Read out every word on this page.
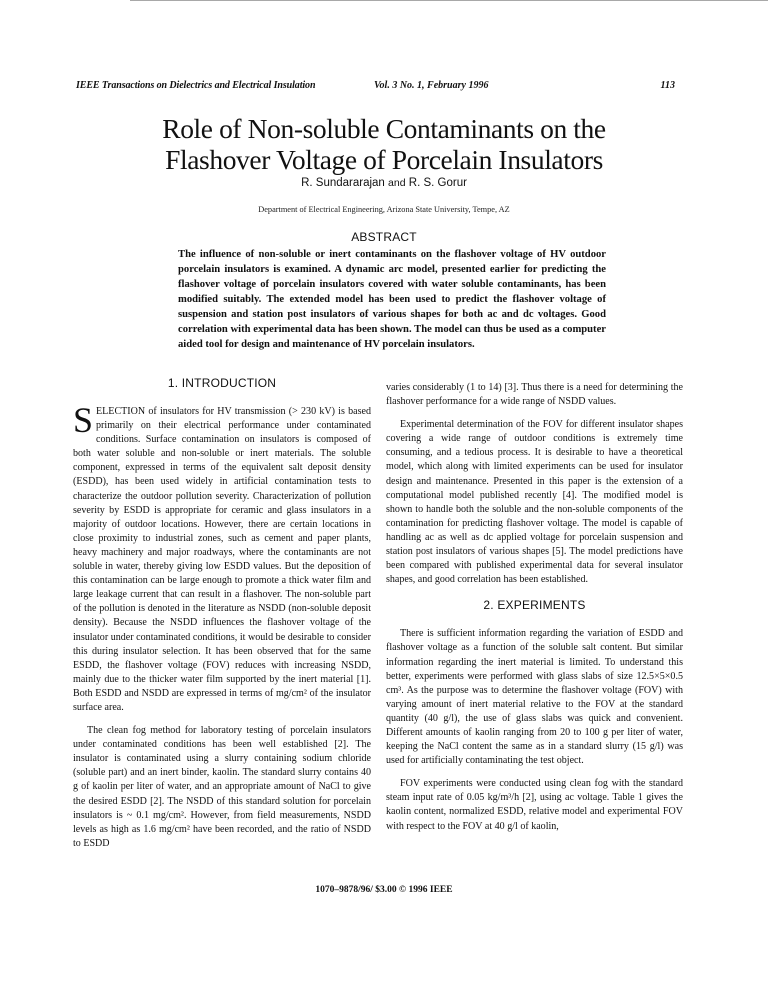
IEEE Transactions on Dielectrics and Electrical Insulation	Vol. 3 No. 1, February 1996	113
Role of Non-soluble Contaminants on the
Flashover Voltage of Porcelain Insulators
R. Sundararajan and R. S. Gorur
Department of Electrical Engineering, Arizona State University, Tempe, AZ
ABSTRACT
The influence of non-soluble or inert contaminants on the flashover voltage of HV outdoor porcelain insulators is examined. A dynamic arc model, presented earlier for predicting the flashover voltage of porcelain insulators covered with water soluble contaminants, has been modified suitably. The extended model has been used to predict the flashover voltage of suspension and station post insulators of various shapes for both ac and dc voltages. Good correlation with experimental data has been shown. The model can thus be used as a computer aided tool for design and maintenance of HV porcelain insulators.
1. INTRODUCTION

SELECTION of insulators for HV transmission (> 230 kV) is based primarily on their electrical performance under contaminated conditions. Surface contamination on insulators is composed of both water soluble and non-soluble or inert materials. The soluble component, expressed in terms of the equivalent salt deposit density (ESDD), has been used widely in artificial contamination tests to characterize the outdoor pollution severity. Characterization of pollution severity by ESDD is appropriate for ceramic and glass insulators in a majority of outdoor locations. However, there are certain locations in close proximity to industrial zones, such as cement and paper plants, heavy machinery and major roadways, where the contaminants are not soluble in water, thereby giving low ESDD values. But the deposition of this contamination can be large enough to promote a thick water film and large leakage current that can result in a flashover. The non-soluble part of the pollution is denoted in the literature as NSDD (non-soluble deposit density). Because the NSDD influences the flashover voltage of the insulator under contaminated conditions, it would be desirable to consider this during insulator selection. It has been observed that for the same ESDD, the flashover voltage (FOV) reduces with increasing NSDD, mainly due to the thicker water film supported by the inert material [1]. Both ESDD and NSDD are expressed in terms of mg/cm² of the insulator surface area.

The clean fog method for laboratory testing of porcelain insulators under contaminated conditions has been well established [2]. The insulator is contaminated using a slurry containing sodium chloride (soluble part) and an inert binder, kaolin. The standard slurry contains 40 g of kaolin per liter of water, and an appropriate amount of NaCl to give the desired ESDD [2]. The NSDD of this standard solution for porcelain insulators is ~ 0.1 mg/cm². However, from field measurements, NSDD levels as high as 1.6 mg/cm² have been recorded, and the ratio of NSDD to ESDD

varies considerably (1 to 14) [3]. Thus there is a need for determining the flashover performance for a wide range of NSDD values.

Experimental determination of the FOV for different insulator shapes covering a wide range of outdoor conditions is extremely time consuming, and a tedious process. It is desirable to have a theoretical model, which along with limited experiments can be used for insulator design and maintenance. Presented in this paper is the extension of a computational model published recently [4]. The modified model is shown to handle both the soluble and the non-soluble components of the contamination for predicting flashover voltage. The model is capable of handling ac as well as dc applied voltage for porcelain suspension and station post insulators of various shapes [5]. The model predictions have been compared with published experimental data for several insulator shapes, and good correlation has been established.

2. EXPERIMENTS

There is sufficient information regarding the variation of ESDD and flashover voltage as a function of the soluble salt content. But similar information regarding the inert material is limited. To understand this better, experiments were performed with glass slabs of size 12.5×5×0.5 cm³. As the purpose was to determine the flashover voltage (FOV) with varying amount of inert material relative to the FOV at the standard quantity (40 g/l), the use of glass slabs was quick and convenient. Different amounts of kaolin ranging from 20 to 100 g per liter of water, keeping the NaCl content the same as in a standard slurry (15 g/l) was used for artificially contaminating the test object.

FOV experiments were conducted using clean fog with the standard steam input rate of 0.05 kg/m³/h [2], using ac voltage. Table 1 gives the kaolin content, normalized ESDD, relative model and experimental FOV with respect to the FOV at 40 g/l of kaolin,

1070–9878/96/ $3.00 © 1996 IEEE
